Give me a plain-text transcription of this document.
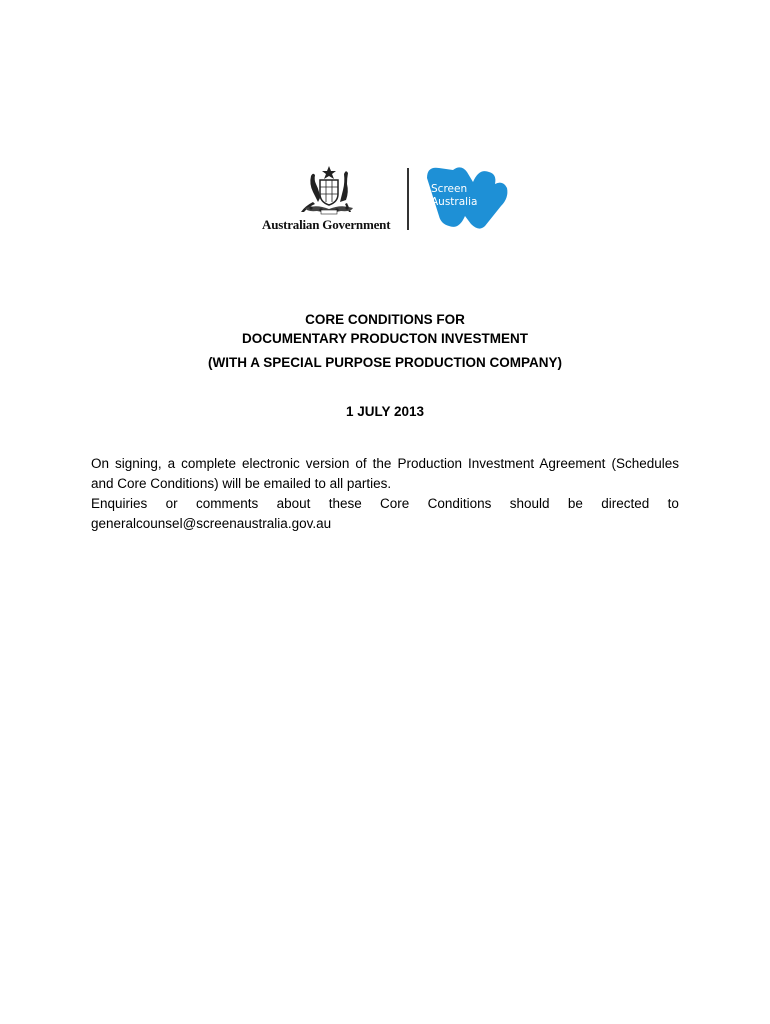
Australian Government
Screen
Australia
CORE CONDITIONS FOR
DOCUMENTARY PRODUCTON INVESTMENT
(WITH A SPECIAL PURPOSE PRODUCTION COMPANY)
1 JULY 2013
On signing, a complete electronic version of the Production Investment Agreement (Schedules and Core Conditions) will be emailed to all parties.
Enquiries or comments about these Core Conditions should be directed to
generalcounsel@screenaustralia.gov.au
